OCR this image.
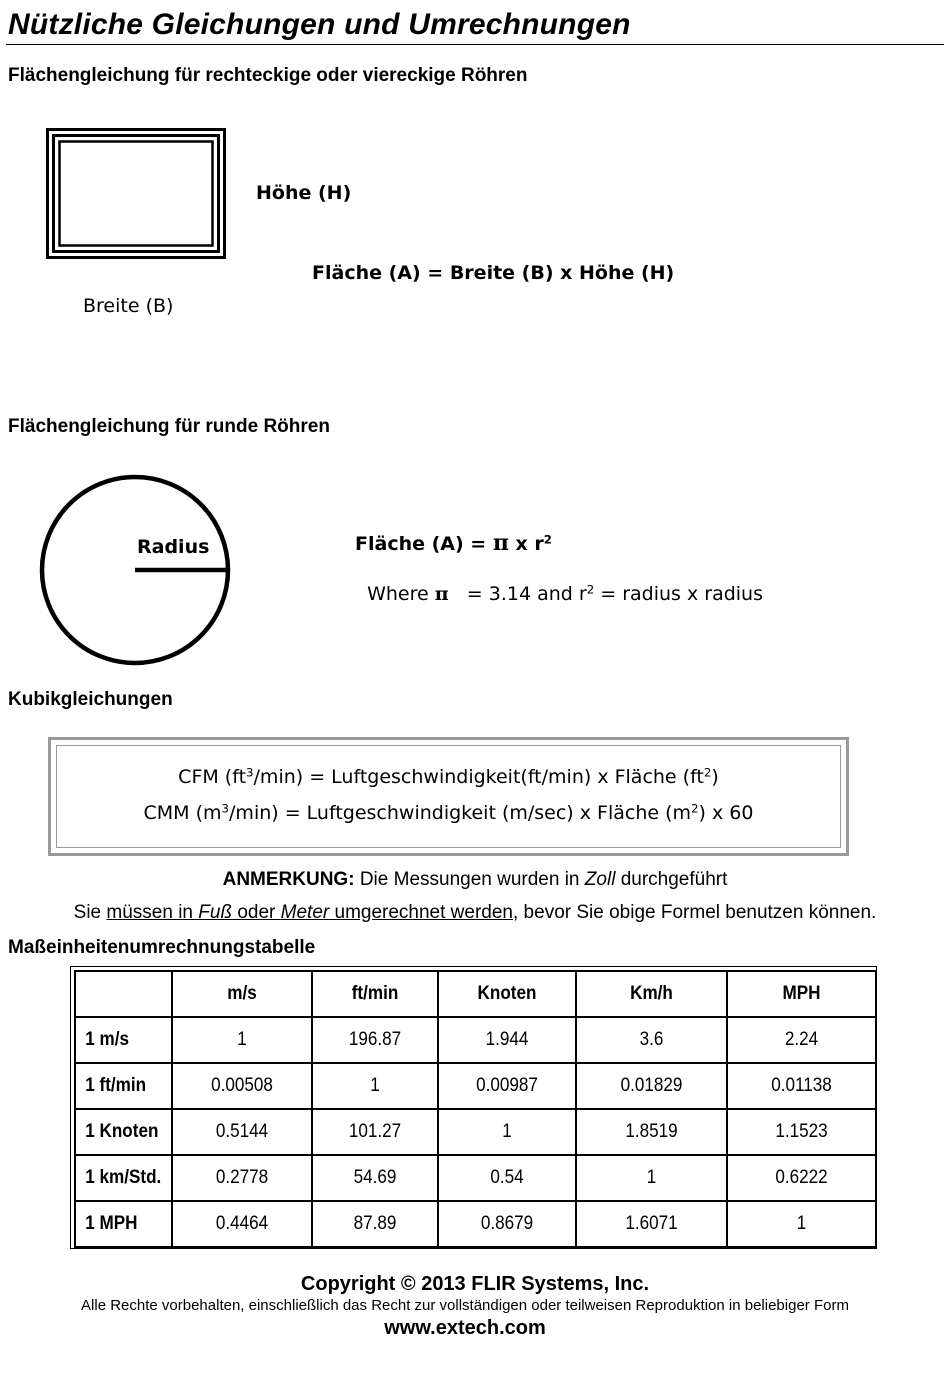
Nützliche Gleichungen und Umrechnungen
Flächengleichung für rechteckige oder viereckige Röhren
Höhe (H)
Fläche (A) = Breite (B) x Höhe (H)
Breite (B)
Flächengleichung für runde Röhren
Radius	Fläche (A) = π x $r^2$

Where π   = 3.14 and $r^2$ = radius x radius

Kubikgleichungen
CFM $(ft^3/\min)$ = Luftgeschwindigkeit(ft/min) x Fläche $(ft^2)$
CMM $(m^3/\min)$ = Luftgeschwindigkeit (m/sec) x Fläche $(m^2)$ x 60
ANMERKUNG: Die Messungen wurden in Zoll durchgeführt
Sie müssen in Fuß oder Meter umgerechnet werden, bevor Sie obige Formel benutzen können.
Maßeinheitenumrechnungstabelle
	m/s	ft/min	Knoten	Km/h	MPH
1 m/s	1	196.87	1.944	3.6	2.24
1 ft/min	0.00508	1	0.00987	0.01829	0.01138
1 Knoten	0.5144	101.27	1	1.8519	1.1523
1 km/Std.	0.2778	54.69	0.54	1	0.6222
1 MPH	0.4464	87.89	0.8679	1.6071	1
Copyright © 2013 FLIR Systems, Inc.
Alle Rechte vorbehalten, einschließlich das Recht zur vollständigen oder teilweisen Reproduktion in beliebiger Form
www.extech.com
